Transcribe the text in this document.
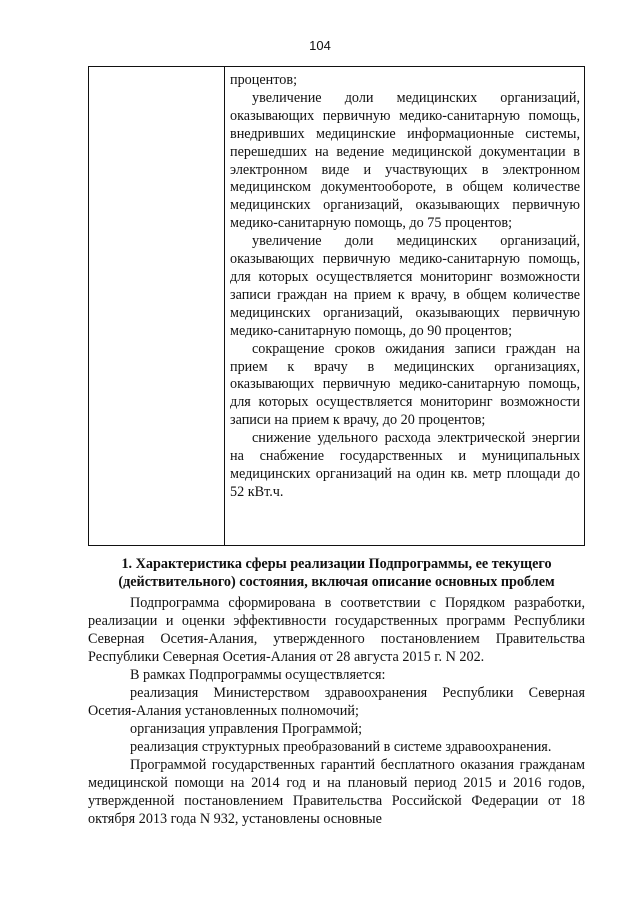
104

процентов;

увеличение доли медицинских организаций, оказывающих первичную медико-санитарную помощь, внедривших медицинские информационные системы, перешедших на ведение медицинской документации в электронном виде и участвующих в электронном медицинском документообороте, в общем количестве медицинских организаций, оказывающих первичную медико-санитарную помощь, до 75 процентов;

увеличение доли медицинских организаций, оказывающих первичную медико-санитарную помощь, для которых осуществляется мониторинг возможности записи граждан на прием к врачу, в общем количестве медицинских организаций, оказывающих первичную медико-санитарную помощь, до 90 процентов;

сокращение сроков ожидания записи граждан на прием к врачу в медицинских организациях, оказывающих первичную медико-санитарную помощь, для которых осуществляется мониторинг возможности записи на прием к врачу, до 20 процентов;

снижение удельного расхода электрической энергии на снабжение государственных и муниципальных медицинских организаций на один кв. метр площади до 52 кВт.ч.

1. Характеристика сферы реализации Подпрограммы, ее текущего (действительного) состояния, включая описание основных проблем

Подпрограмма сформирована в соответствии с Порядком разработки, реализации и оценки эффективности государственных программ Республики Северная Осетия-Алания, утвержденного постановлением Правительства Республики Северная Осетия-Алания от 28 августа 2015 г. N 202.

В рамках Подпрограммы осуществляется:

реализация Министерством здравоохранения Республики Северная Осетия-Алания установленных полномочий;

организация управления Программой;

реализация структурных преобразований в системе здравоохранения.

Программой государственных гарантий бесплатного оказания гражданам медицинской помощи на 2014 год и на плановый период 2015 и 2016 годов, утвержденной постановлением Правительства Российской Федерации от 18 октября 2013 года N 932, установлены основные
